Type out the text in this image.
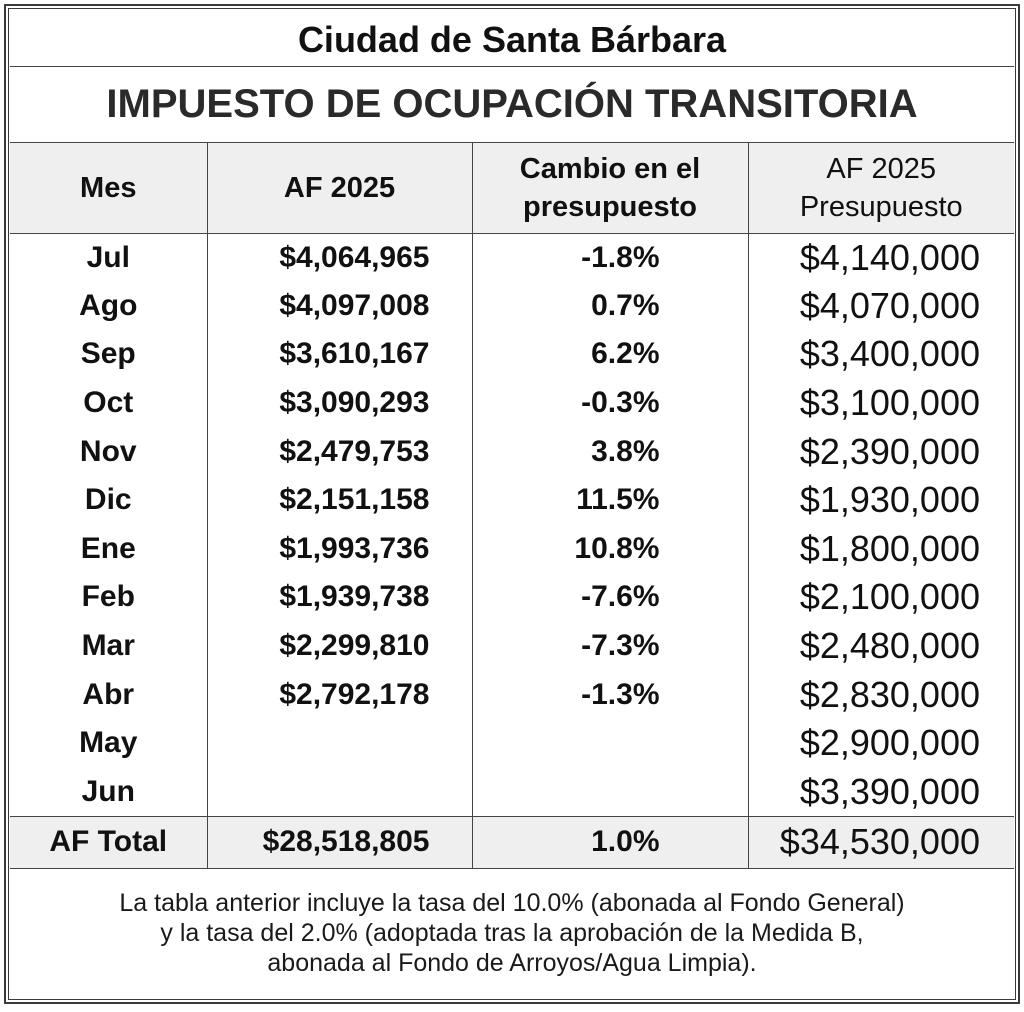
Ciudad de Santa Bárbara
IMPUESTO DE OCUPACIÓN TRANSITORIA
Mes	AF 2025	Cambio en el presupuesto	AF 2025 Presupuesto
Jul	$4,064,965	-1.8%	$4,140,000
Ago	$4,097,008	0.7%	$4,070,000
Sep	$3,610,167	6.2%	$3,400,000
Oct	$3,090,293	-0.3%	$3,100,000
Nov	$2,479,753	3.8%	$2,390,000
Dic	$2,151,158	11.5%	$1,930,000
Ene	$1,993,736	10.8%	$1,800,000
Feb	$1,939,738	-7.6%	$2,100,000
Mar	$2,299,810	-7.3%	$2,480,000
Abr	$2,792,178	-1.3%	$2,830,000
May			$2,900,000
Jun			$3,390,000
AF Total	$28,518,805	1.0%	$34,530,000
La tabla anterior incluye la tasa del 10.0% (abonada al Fondo General)
y la tasa del 2.0% (adoptada tras la aprobación de la Medida B,
abonada al Fondo de Arroyos/Agua Limpia).
